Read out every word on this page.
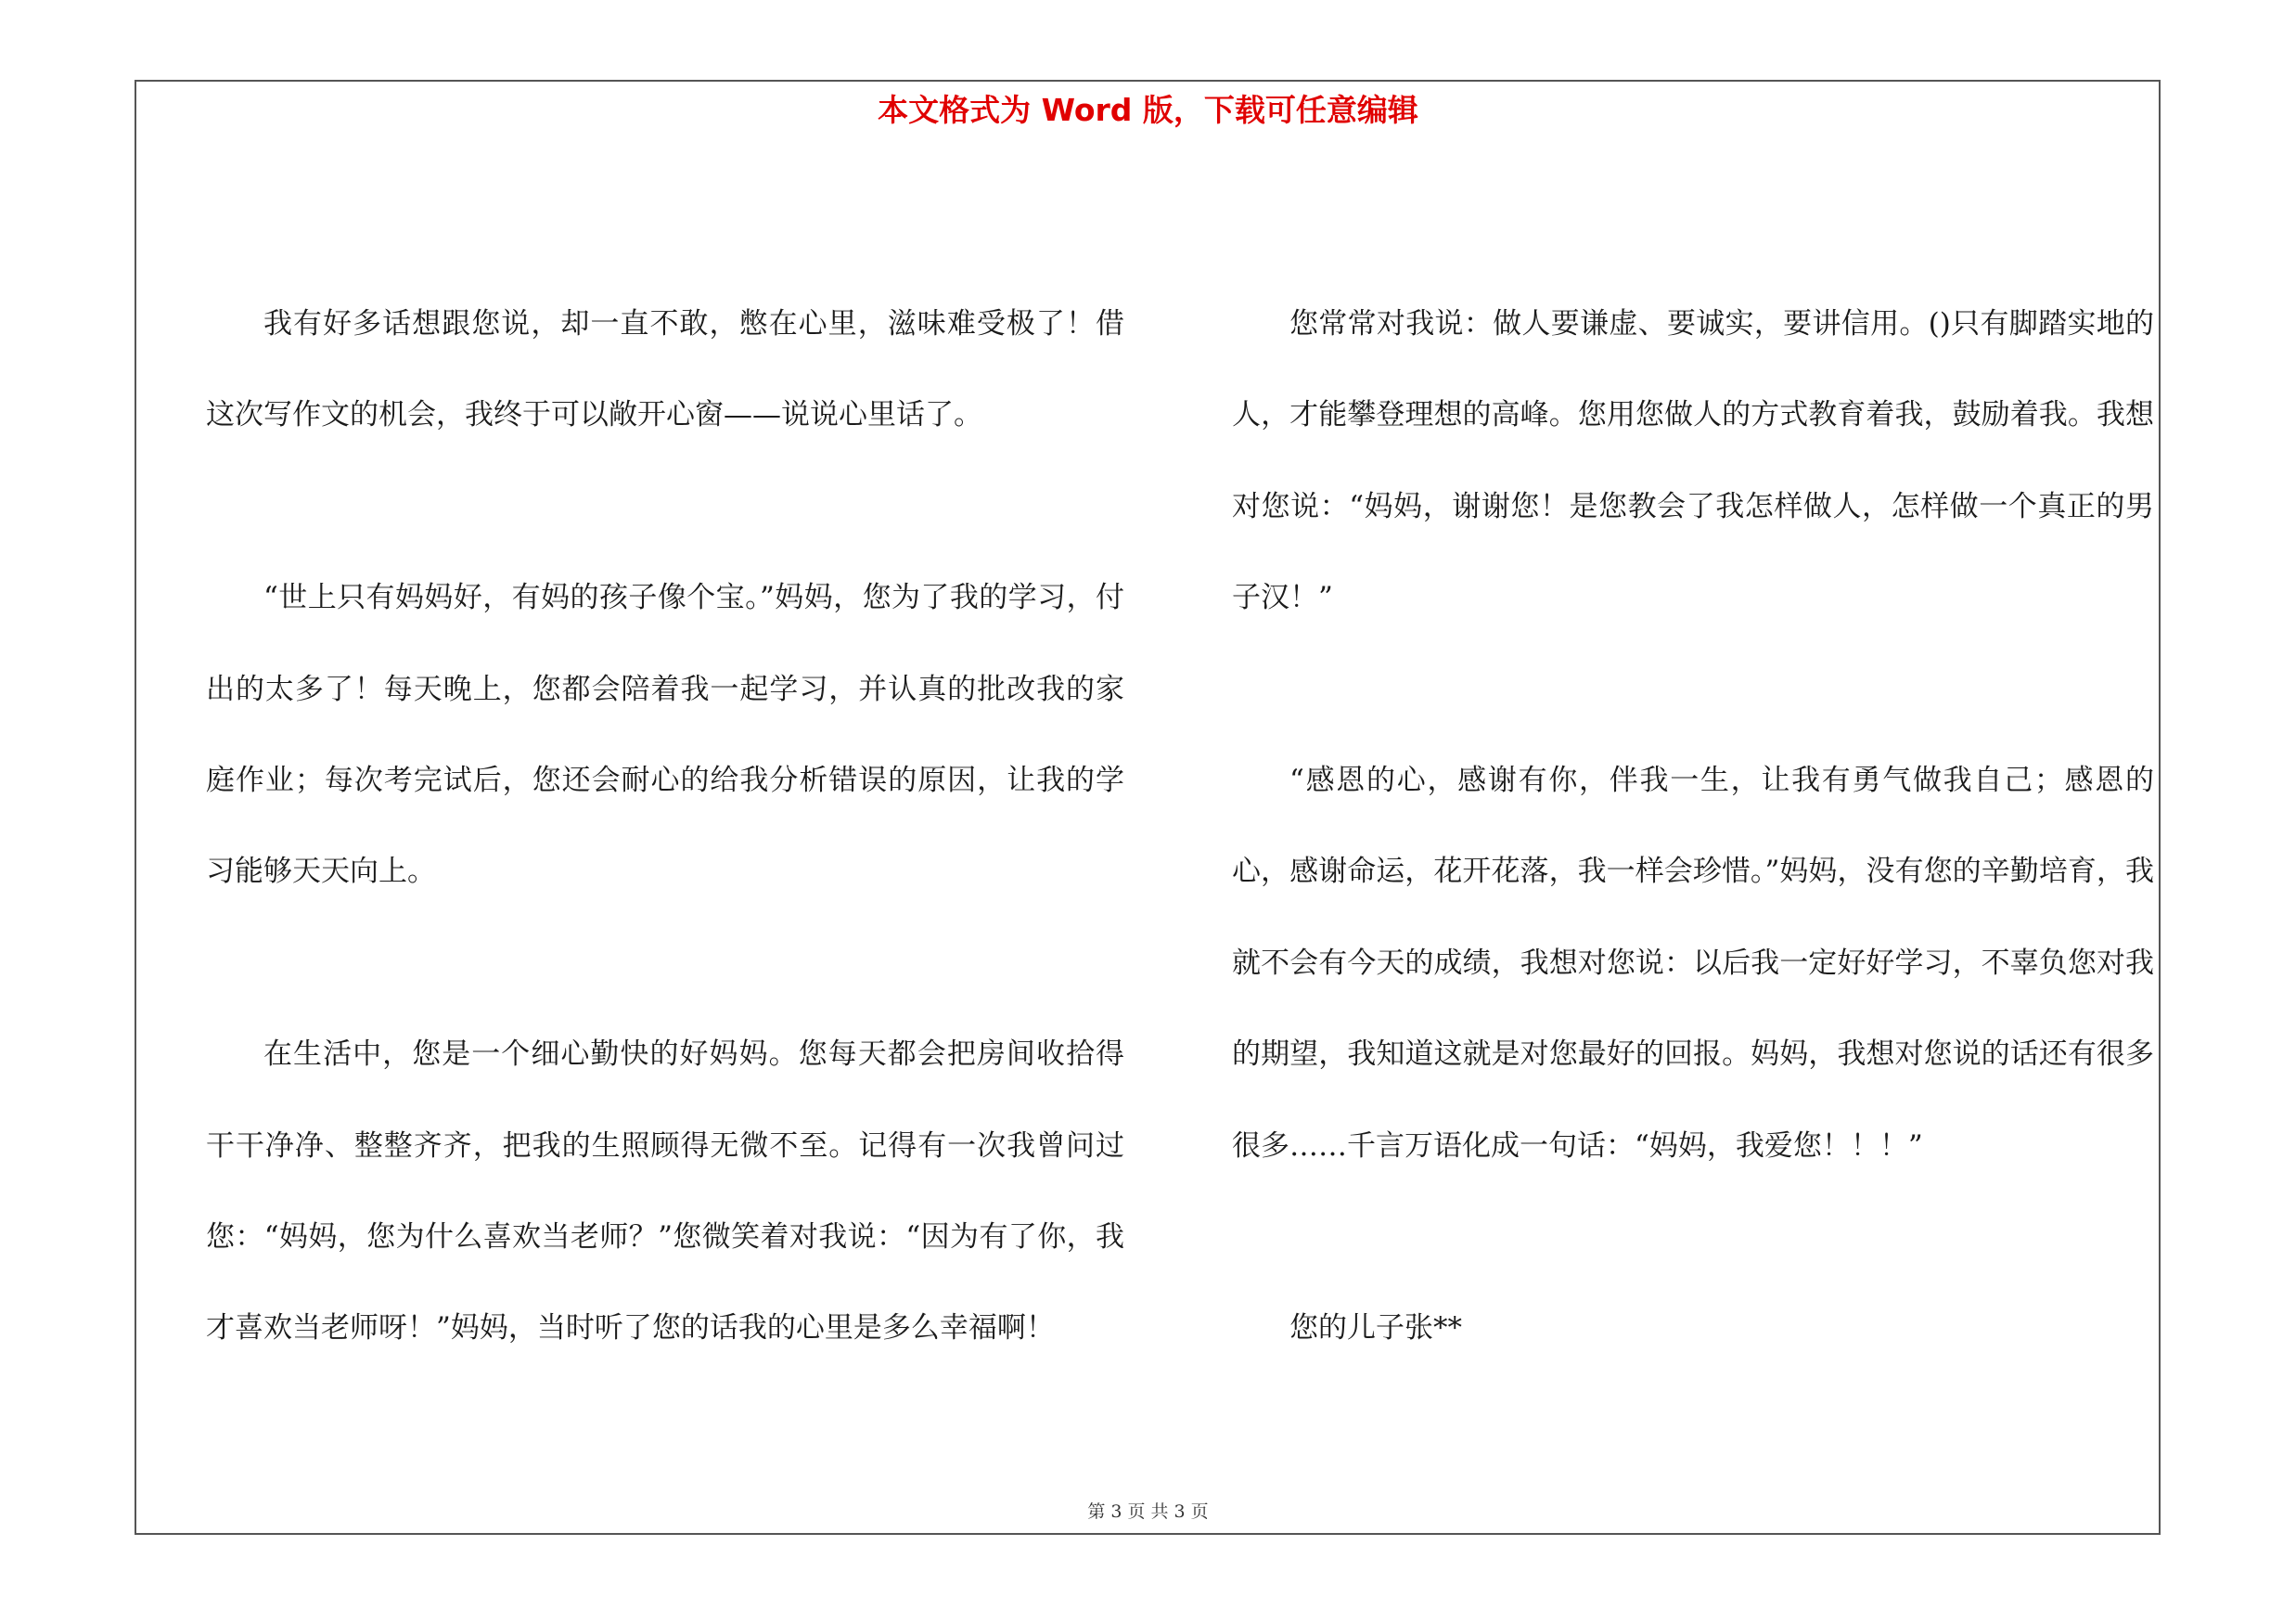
本文格式为 Word 版，下载可任意编辑

我有好多话想跟您说，却一直不敢，憋在心里，滋味难受极了！借这次写作文的机会，我终于可以敞开心窗——说说心里话了。

“世上只有妈妈好，有妈的孩子像个宝。”妈妈，您为了我的学习，付出的太多了！每天晚上，您都会陪着我一起学习，并认真的批改我的家庭作业；每次考完试后，您还会耐心的给我分析错误的原因，让我的学习能够天天向上。

在生活中，您是一个细心勤快的好妈妈。您每天都会把房间收拾得干干净净、整整齐齐，把我的生照顾得无微不至。记得有一次我曾问过您：“妈妈，您为什么喜欢当老师？”您微笑着对我说：“因为有了你，我才喜欢当老师呀！”妈妈，当时听了您的话我的心里是多么幸福啊！

您常常对我说：做人要谦虚、要诚实，要讲信用。()只有脚踏实地的人，才能攀登理想的高峰。您用您做人的方式教育着我，鼓励着我。我想对您说：“妈妈，谢谢您！是您教会了我怎样做人，怎样做一个真正的男子汉！”

“感恩的心，感谢有你，伴我一生，让我有勇气做我自己；感恩的心，感谢命运，花开花落，我一样会珍惜。”妈妈，没有您的辛勤培育，我就不会有今天的成绩，我想对您说：以后我一定好好学习，不辜负您对我的期望，我知道这就是对您最好的回报。妈妈，我想对您说的话还有很多很多……千言万语化成一句话：“妈妈，我爱您！！！”

您的儿子张**

第 3 页 共 3 页
